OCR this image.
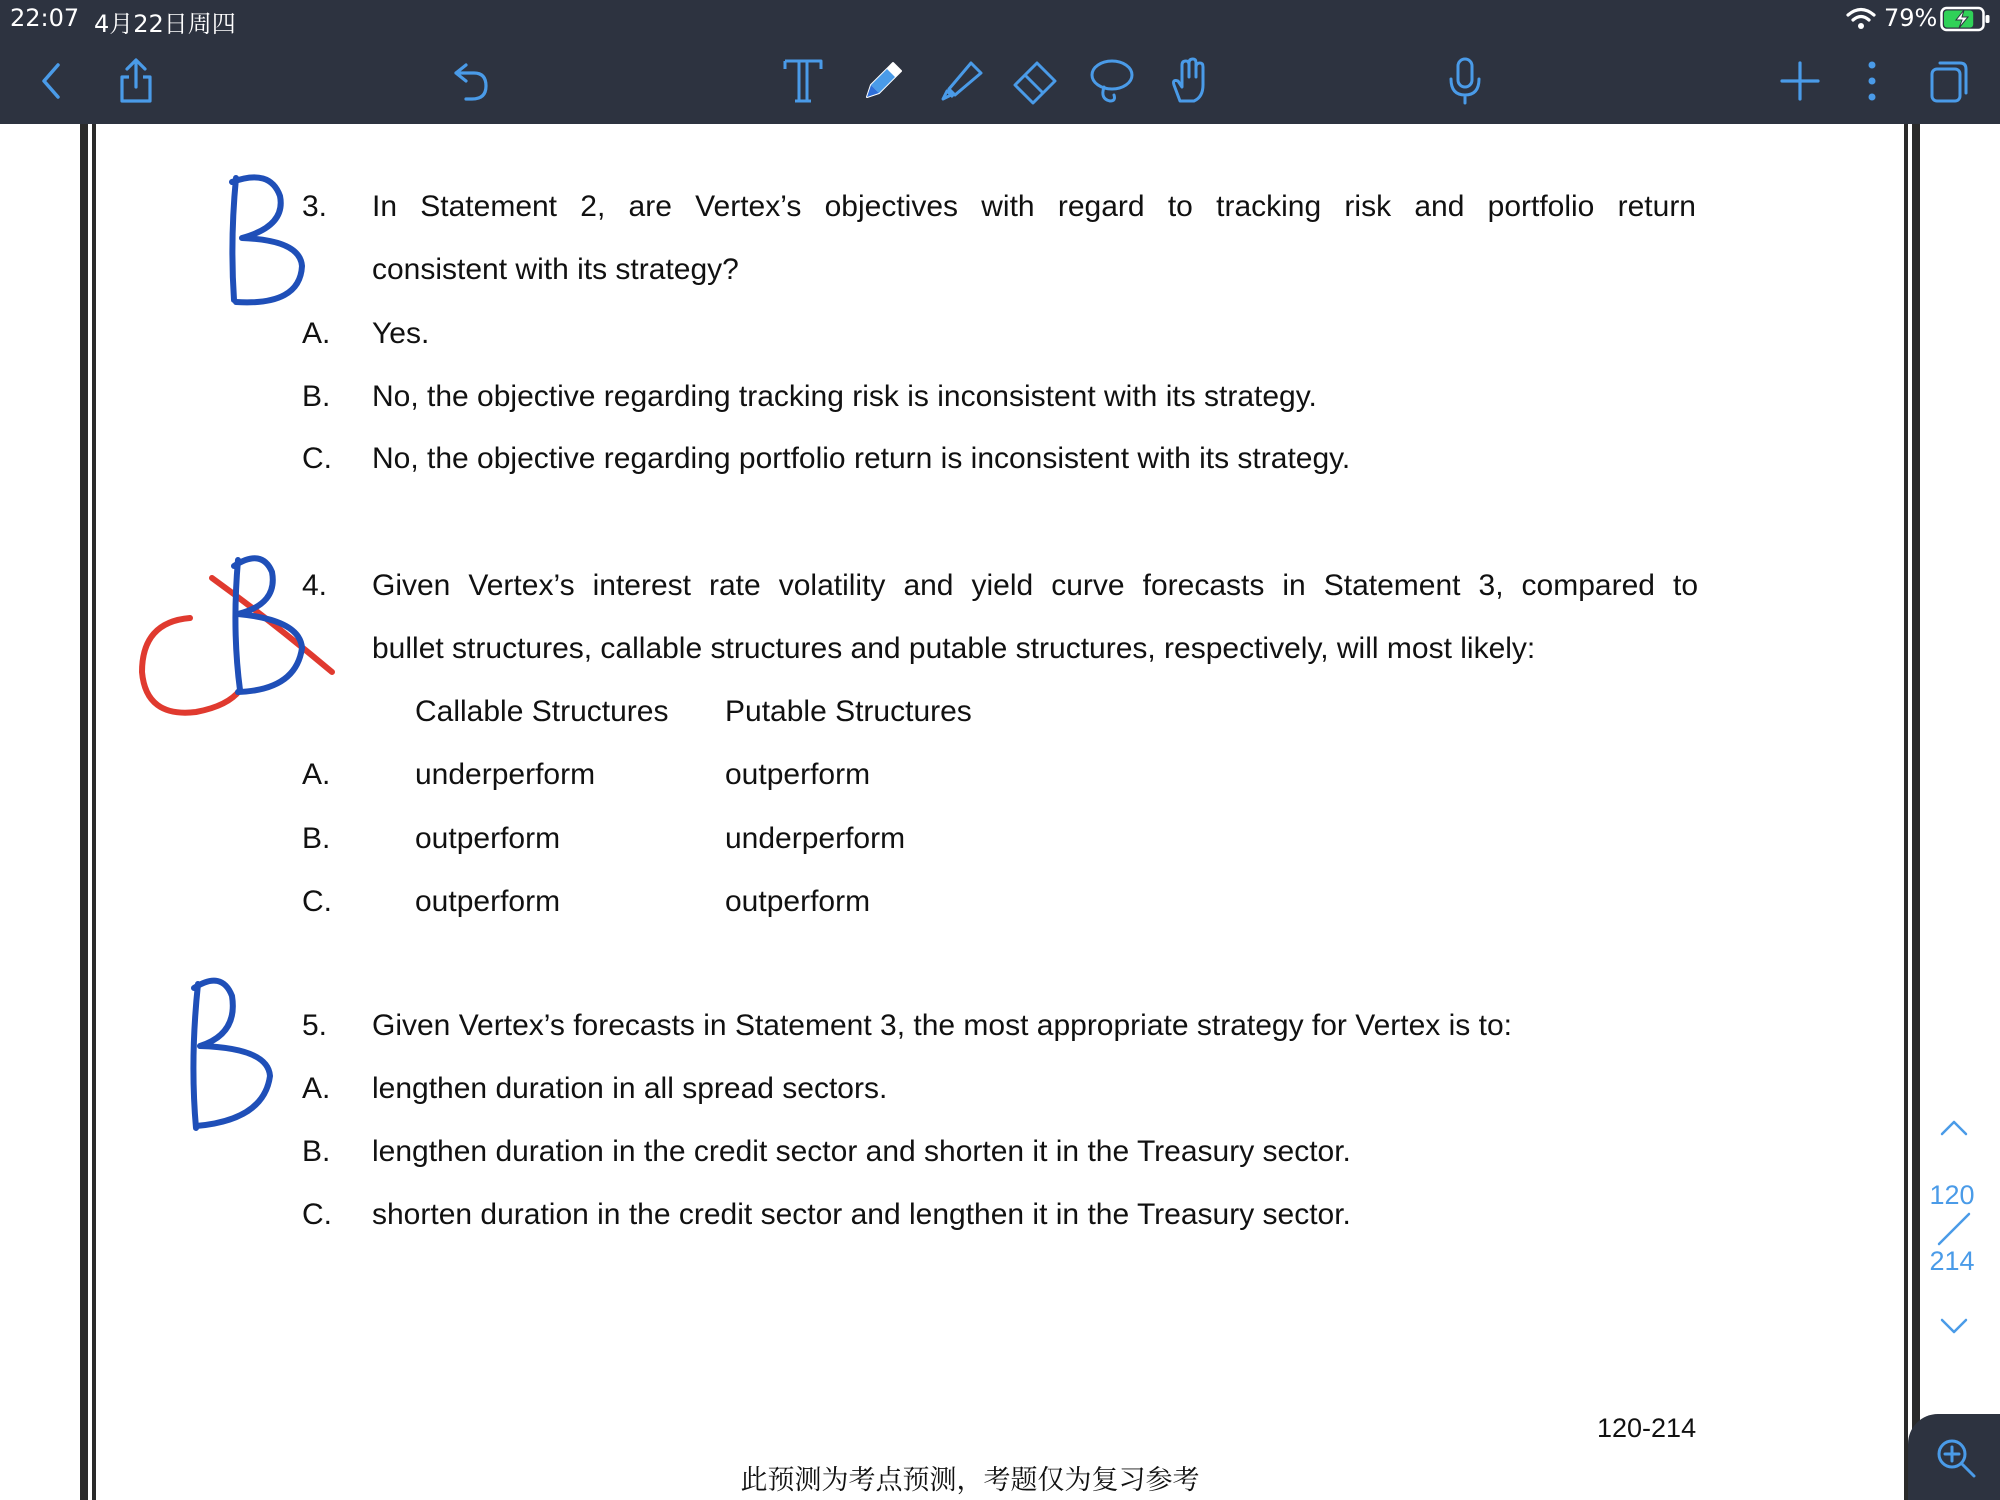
22:07 4月22日周四	79%
3. In Statement 2, are Vertex’s objectives with regard to tracking risk and portfolio return
consistent with its strategy?
A. Yes.
B. No, the objective regarding tracking risk is inconsistent with its strategy.
C. No, the objective regarding portfolio return is inconsistent with its strategy.
4. Given Vertex’s interest rate volatility and yield curve forecasts in Statement 3, compared to
bullet structures, callable structures and putable structures, respectively, will most likely:
Callable Structures Putable Structures
A.	underperform	outperform
B.	outperform	underperform
C.	outperform	outperform
5. Given Vertex’s forecasts in Statement 3, the most appropriate strategy for Vertex is to:
A. lengthen duration in all spread sectors.
B. lengthen duration in the credit sector and shorten it in the Treasury sector.
C. shorten duration in the credit sector and lengthen it in the Treasury sector.
120-214
此预测为考点预测，考题仅为复习参考
120
214
